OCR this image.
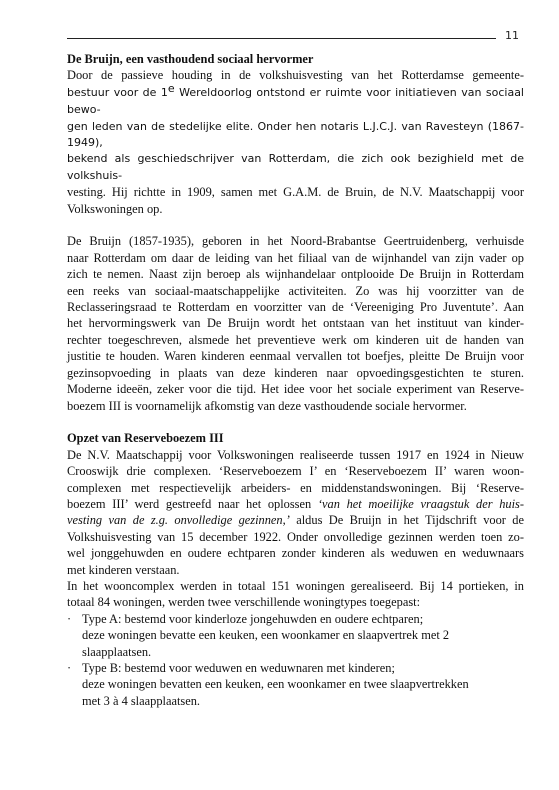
11
De Bruijn, een vasthoudend sociaal hervormer
Door de passieve houding in de volkshuisvesting van het Rotterdamse gemeente-
bestuur voor de 1e Wereldoorlog ontstond er ruimte voor initiatieven van sociaal bewo-
gen leden van de stedelijke elite. Onder hen notaris L.J.C.J. van Ravesteyn (1867-1949),
bekend als geschiedschrijver van Rotterdam, die zich ook bezighield met de volkshuis-
vesting. Hij richtte in 1909, samen met G.A.M. de Bruin, de N.V. Maatschappij voor
Volkswoningen op.
De Bruijn (1857-1935), geboren in het Noord-Brabantse Geertruidenberg, verhuisde
naar Rotterdam om daar de leiding van het filiaal van de wijnhandel van zijn vader op
zich te nemen. Naast zijn beroep als wijnhandelaar ontplooide De Bruijn in Rotterdam
een reeks van sociaal-maatschappelijke activiteiten. Zo was hij voorzitter van de
Reclasseringsraad te Rotterdam en voorzitter van de ‘Vereeniging Pro Juventute’. Aan
het hervormingswerk van De Bruijn wordt het ontstaan van het instituut van kinder-
rechter toegeschreven, alsmede het preventieve werk om kinderen uit de handen van
justitie te houden. Waren kinderen eenmaal vervallen tot boefjes, pleitte De Bruijn voor
gezinsopvoeding in plaats van deze kinderen naar opvoedingsgestichten te sturen.
Moderne ideeën, zeker voor die tijd. Het idee voor het sociale experiment van Reserve-
boezem III is voornamelijk afkomstig van deze vasthoudende sociale hervormer.
Opzet van Reserveboezem III
De N.V. Maatschappij voor Volkswoningen realiseerde tussen 1917 en 1924 in Nieuw
Crooswijk drie complexen. ‘Reserveboezem I’ en ‘Reserveboezem II’ waren woon-
complexen met respectievelijk arbeiders- en middenstandswoningen. Bij ‘Reserve-
boezem III’ werd gestreefd naar het oplossen ‘van het moeilijke vraagstuk der huis-
vesting van de z.g. onvolledige gezinnen,’ aldus De Bruijn in het Tijdschrift voor de
Volkshuisvesting van 15 december 1922. Onder onvolledige gezinnen werden toen zo-
wel jonggehuwden en oudere echtparen zonder kinderen als weduwen en weduwnaars
met kinderen verstaan.
In het wooncomplex werden in totaal 151 woningen gerealiseerd. Bij 14 portieken, in
totaal 84 woningen, werden twee verschillende woningtypes toegepast:
· Type A: bestemd voor kinderloze jongehuwden en oudere echtparen;
deze woningen bevatte een keuken, een woonkamer en slaapvertrek met 2
slaapplaatsen.
· Type B: bestemd voor weduwen en weduwnaren met kinderen;
deze woningen bevatten een keuken, een woonkamer en twee slaapvertrekken
met 3 à 4 slaapplaatsen.
